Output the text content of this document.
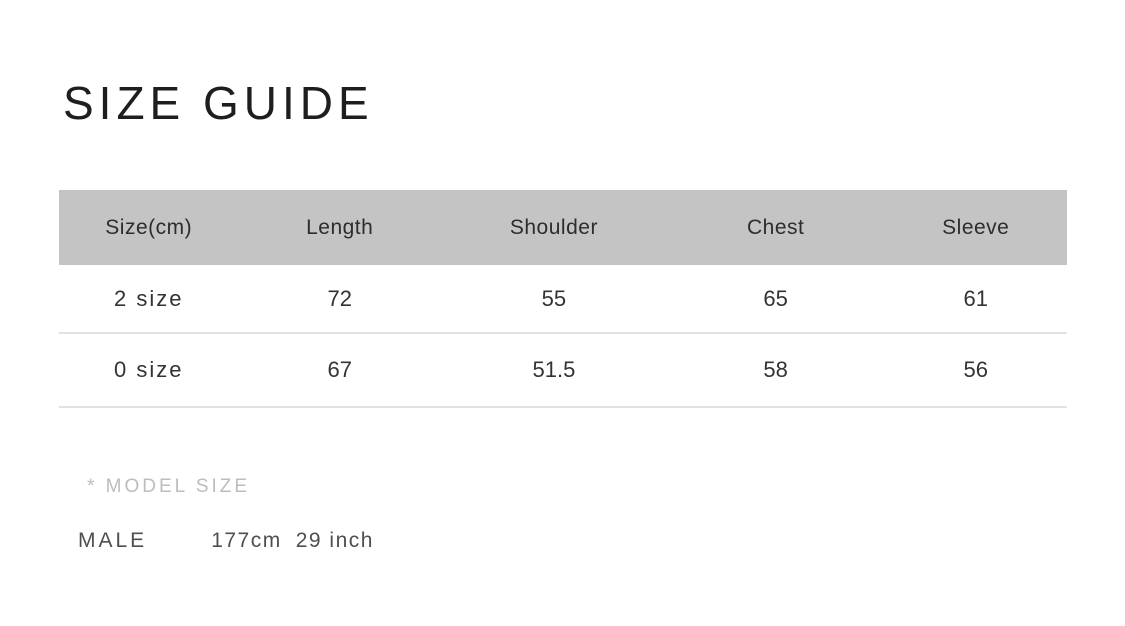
SIZE GUIDE
Size(cm)	Length	Shoulder	Chest	Sleeve
2 size	72	55	65	61
0 size	67	51.5	58	56
* MODEL SIZE
MALE	177cm 29 inch
